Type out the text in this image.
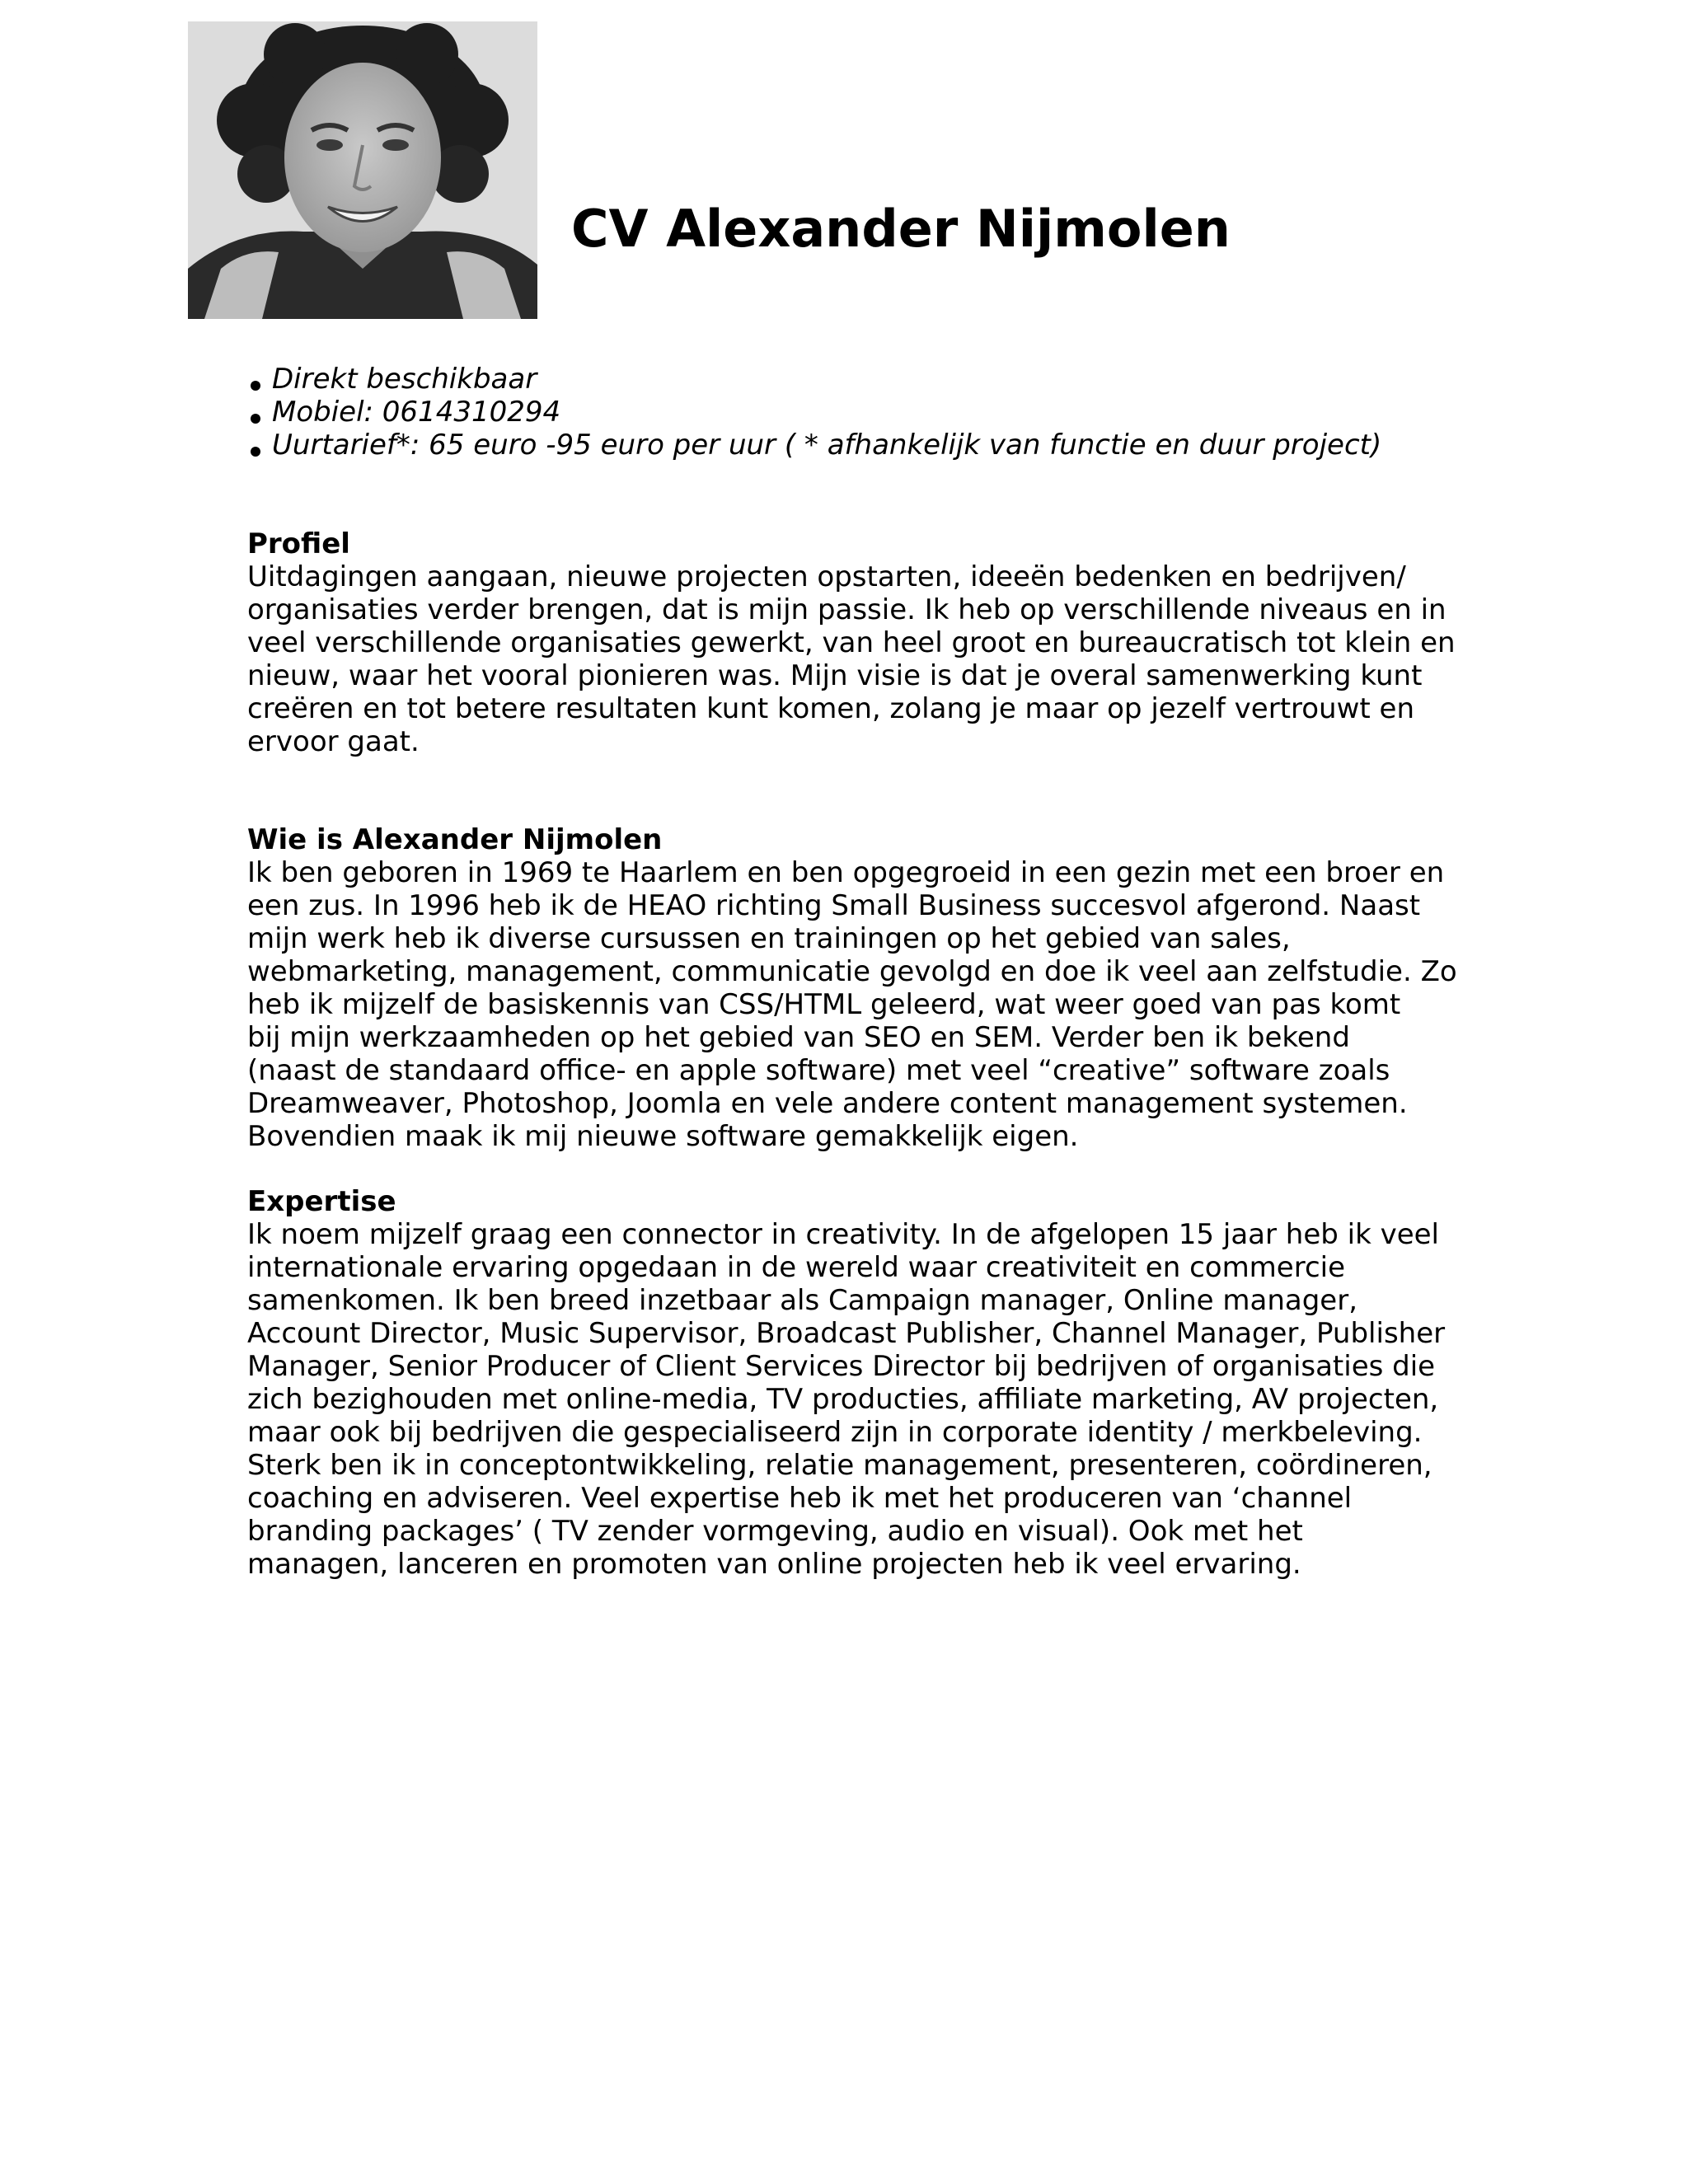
CV Alexander Nijmolen
Direkt beschikbaar
Mobiel: 0614310294
Uurtarief*: 65 euro -95 euro per uur ( * afhankelijk van functie en duur project)
Profiel

Uitdagingen aangaan, nieuwe projecten opstarten, ideeën bedenken en bedrijven/
organisaties verder brengen, dat is mijn passie. Ik heb op verschillende niveaus en in
veel verschillende organisaties gewerkt, van heel groot en bureaucratisch tot klein en
nieuw, waar het vooral pionieren was. Mijn visie is dat je overal samenwerking kunt
creëren en tot betere resultaten kunt komen, zolang je maar op jezelf vertrouwt en
ervoor gaat.

Wie is Alexander Nijmolen

Ik ben geboren in 1969 te Haarlem en ben opgegroeid in een gezin met een broer en
een zus. In 1996 heb ik de HEAO richting Small Business succesvol afgerond. Naast
mijn werk heb ik diverse cursussen en trainingen op het gebied van sales,
webmarketing, management, communicatie gevolgd en doe ik veel aan zelfstudie. Zo
heb ik mijzelf de basiskennis van CSS/HTML geleerd, wat weer goed van pas komt
bij mijn werkzaamheden op het gebied van SEO en SEM. Verder ben ik bekend
(naast de standaard office- en apple software) met veel “creative” software zoals
Dreamweaver, Photoshop, Joomla en vele andere content management systemen.
Bovendien maak ik mij nieuwe software gemakkelijk eigen.

Expertise

Ik noem mijzelf graag een connector in creativity. In de afgelopen 15 jaar heb ik veel
internationale ervaring opgedaan in de wereld waar creativiteit en commercie
samenkomen. Ik ben breed inzetbaar als Campaign manager, Online manager,
Account Director, Music Supervisor, Broadcast Publisher, Channel Manager, Publisher
Manager, Senior Producer of Client Services Director bij bedrijven of organisaties die
zich bezighouden met online-media, TV producties, affiliate marketing, AV projecten,
maar ook bij bedrijven die gespecialiseerd zijn in corporate identity / merkbeleving.
Sterk ben ik in conceptontwikkeling, relatie management, presenteren, coördineren,
coaching en adviseren. Veel expertise heb ik met het produceren van ‘channel
branding packages’ ( TV zender vormgeving, audio en visual). Ook met het
managen, lanceren en promoten van online projecten heb ik veel ervaring.
